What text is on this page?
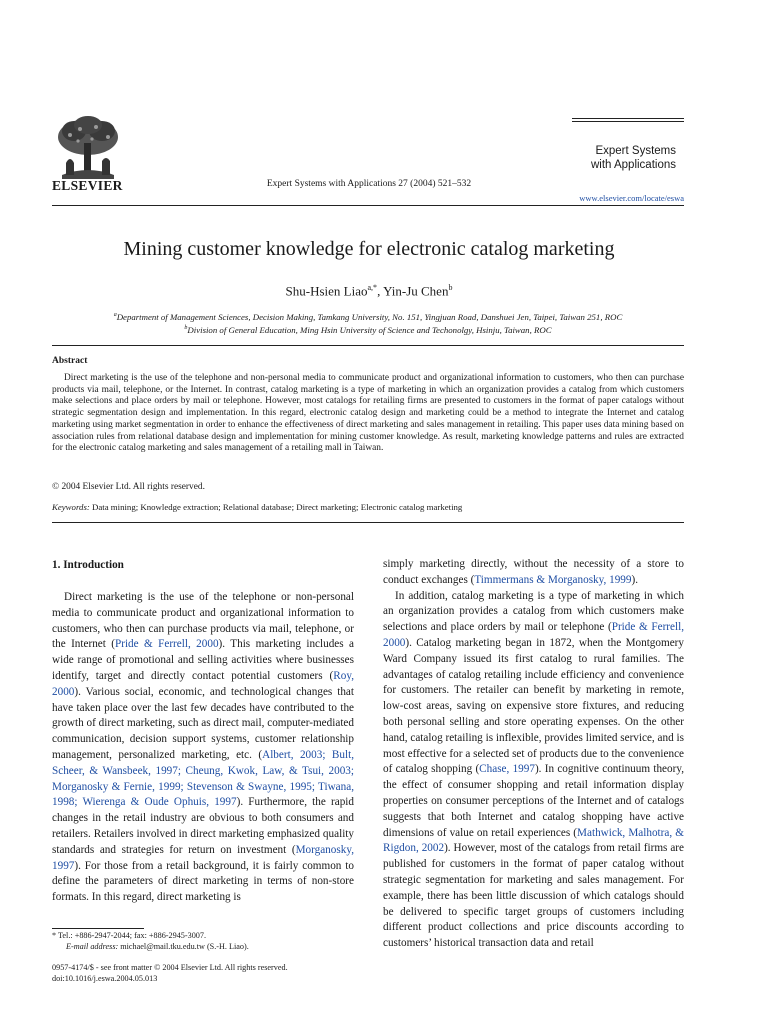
ELSEVIER	Expert Systems with Applications 27 (2004) 521–532
Expert Systems
with Applications
www.elsevier.com/locate/eswa
Mining customer knowledge for electronic catalog marketing
Shu-Hsien Liao$^{a,*}$, Yin-Ju Chen$^b$
$^a$Department of Management Sciences, Decision Making, Tamkang University, No. 151, Yingjuan Road, Danshuei Jen, Taipei, Taiwan 251, ROC
$^b$Division of General Education, Ming Hsin University of Science and Techonolgy, Hsinju, Taiwan, ROC
Abstract
Direct marketing is the use of the telephone and non-personal media to communicate product and organizational information to customers, who then can purchase products via mail, telephone, or the Internet. In contrast, catalog marketing is a type of marketing in which an organization provides a catalog from which customers make selections and place orders by mail or telephone. However, most catalogs for retailing firms are presented to customers in the format of paper catalogs without strategic segmentation design and implementation. In this regard, electronic catalog design and marketing could be a method to integrate the Internet and catalog marketing using market segmentation in order to enhance the effectiveness of direct marketing and sales management in retailing. This paper uses data mining based on association rules from relational database design and implementation for mining customer knowledge. As result, marketing knowledge patterns and rules are extracted for the electronic catalog marketing and sales management of a retailing mall in Taiwan.
© 2004 Elsevier Ltd. All rights reserved.
Keywords: Data mining; Knowledge extraction; Relational database; Direct marketing; Electronic catalog marketing
1. Introduction

Direct marketing is the use of the telephone or non-personal media to communicate product and organizational information to customers, who then can purchase products via mail, telephone, or the Internet (Pride & Ferrell, 2000). This marketing includes a wide range of promotional and selling activities where businesses identify, target and directly contact potential customers (Roy, 2000). Various social, economic, and technological changes that have taken place over the last few decades have contributed to the growth of direct marketing, such as direct mail, computer-mediated communication, decision support systems, customer relationship management, personalized marketing, etc. (Albert, 2003; Bult, Scheer, & Wansbeek, 1997; Cheung, Kwok, Law, & Tsui, 2003; Morganosky & Fernie, 1999; Stevenson & Swayne, 1995; Tiwana, 1998; Wierenga & Oude Ophuis, 1997). Furthermore, the rapid changes in the retail industry are obvious to both consumers and retailers. Retailers involved in direct marketing emphasized quality standards and strategies for return on investment (Morganosky, 1997). For those from a retail background, it is fairly common to define the parameters of direct marketing in terms of non-store formats. In this regard, direct marketing is

simply marketing directly, without the necessity of a store to conduct exchanges (Timmermans & Morganosky, 1999).

In addition, catalog marketing is a type of marketing in which an organization provides a catalog from which customers make selections and place orders by mail or telephone (Pride & Ferrell, 2000). Catalog marketing began in 1872, when the Montgomery Ward Company issued its first catalog to rural families. The advantages of catalog retailing include efficiency and convenience for customers. The retailer can benefit by marketing in remote, low-cost areas, saving on expensive store fixtures, and reducing both personal selling and store operating expenses. On the other hand, catalog retailing is inflexible, provides limited service, and is most effective for a selected set of products due to the convenience of catalog shopping (Chase, 1997). In cognitive continuum theory, the effect of consumer shopping and retail information display properties on consumer perceptions of the Internet and of catalogs suggests that both Internet and catalog shopping have active dimensions of value on retail experiences (Mathwick, Malhotra, & Rigdon, 2002). However, most of the catalogs from retail firms are published for customers in the format of paper catalog without strategic segmentation for marketing and sales management. For example, there has been little discussion of which catalogs should be delivered to specific target groups of customers including different product collections and price discounts according to customers’ historical transaction data and retail

* Tel.: +886-2947-2044; fax: +886-2945-3007.
E-mail address: michael@mail.tku.edu.tw (S.-H. Liao).
0957-4174/$ - see front matter © 2004 Elsevier Ltd. All rights reserved.
doi:10.1016/j.eswa.2004.05.013
